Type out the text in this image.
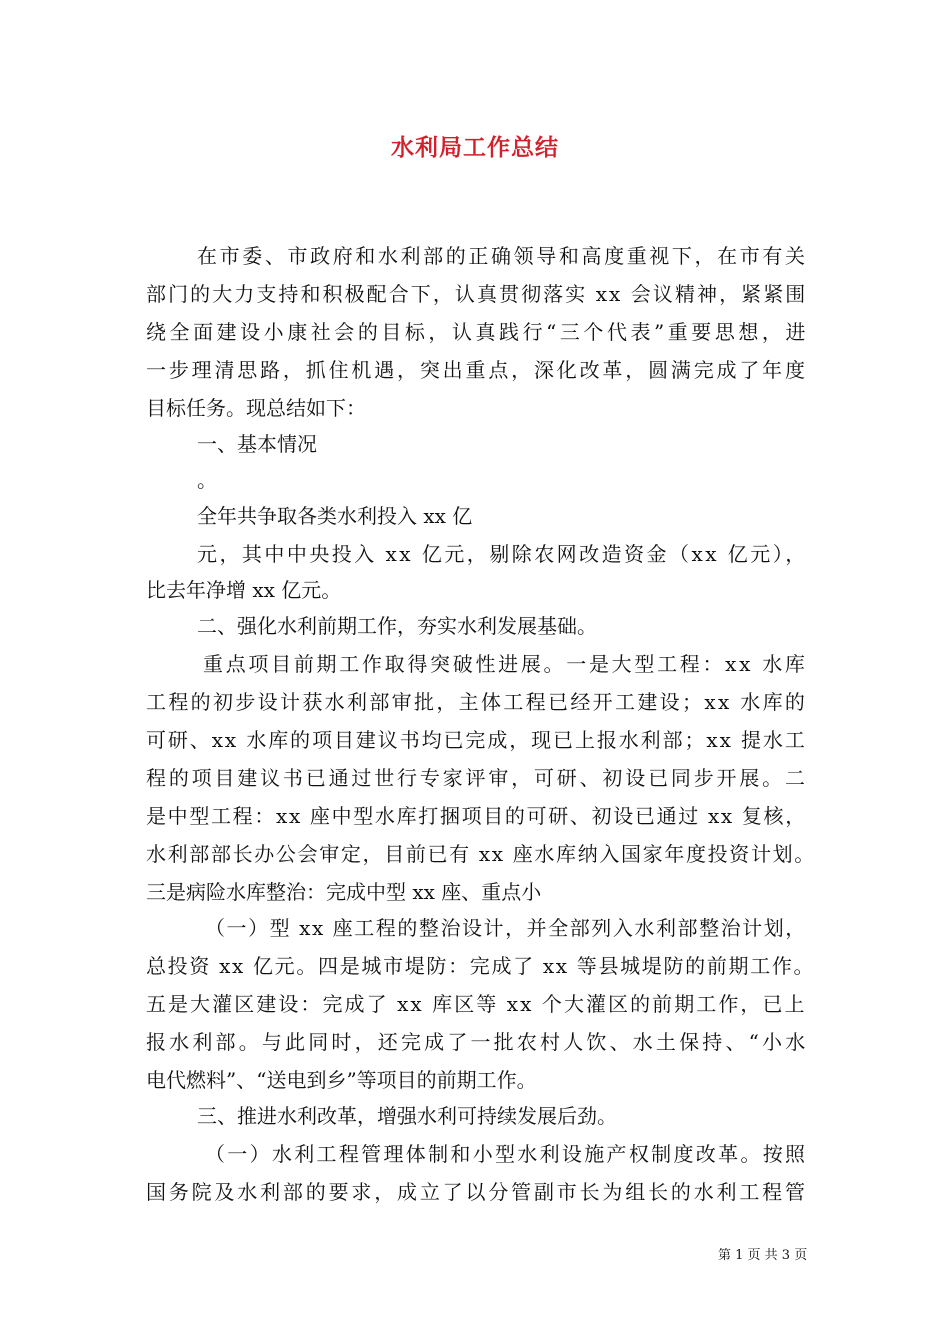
水利局工作总结
在市委、市政府和水利部的正确领导和高度重视下，在市有关
部门的大力支持和积极配合下，认真贯彻落实 xx 会议精神，紧紧围
绕全面建设小康社会的目标，认真践行“三个代表”重要思想，进
一步理清思路，抓住机遇，突出重点，深化改革，圆满完成了年度
目标任务。现总结如下：
一、基本情况
。
全年共争取各类水利投入 xx 亿
元，其中中央投入 xx 亿元，剔除农网改造资金（xx 亿元），
比去年净增 xx 亿元。
二、强化水利前期工作，夯实水利发展基础。
重点项目前期工作取得突破性进展。一是大型工程：xx 水库
工程的初步设计获水利部审批，主体工程已经开工建设；xx 水库的
可研、xx 水库的项目建议书均已完成，现已上报水利部；xx 提水工
程的项目建议书已通过世行专家评审，可研、初设已同步开展。二
是中型工程：xx 座中型水库打捆项目的可研、初设已通过 xx 复核，
水利部部长办公会审定，目前已有 xx 座水库纳入国家年度投资计划。
三是病险水库整治：完成中型 xx 座、重点小
（一）型 xx 座工程的整治设计，并全部列入水利部整治计划，
总投资 xx 亿元。四是城市堤防：完成了 xx 等县城堤防的前期工作。
五是大灌区建设：完成了 xx 库区等 xx 个大灌区的前期工作，已上
报水利部。与此同时，还完成了一批农村人饮、水土保持、“小水
电代燃料”、“送电到乡”等项目的前期工作。
三、推进水利改革，增强水利可持续发展后劲。
（一）水利工程管理体制和小型水利设施产权制度改革。按照
国务院及水利部的要求，成立了以分管副市长为组长的水利工程管
第 1 页 共 3 页
